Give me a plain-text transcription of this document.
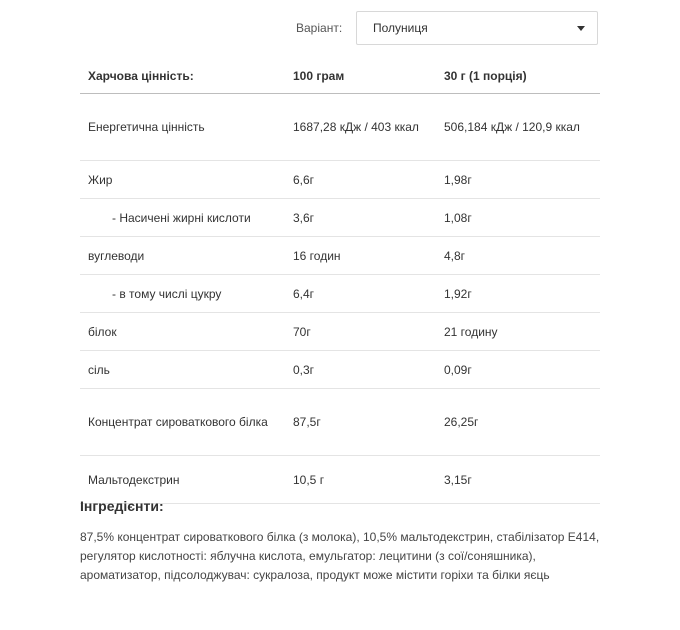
Варіант:	Полуниця
Харчова цінність:	100 грам	30 г (1 порція)
Енергетична цінність	1687,28 кДж / 403 ккал	506,184 кДж / 120,9 ккал
Жир	6,6г	1,98г
- Насичені жирні кислоти	3,6г	1,08г
вуглеводи	16 годин	4,8г
- в тому числі цукру	6,4г	1,92г
білок	70г	21 годину
сіль	0,3г	0,09г
Концентрат сироваткового білка	87,5г	26,25г
Мальтодекстрин	10,5 г	3,15г
Інгредієнти:

87,5% концентрат сироваткового білка (з молока), 10,5% мальтодекстрин, стабілізатор Е414, регулятор кислотності: яблучна кислота, емульгатор: лецитини (з сої/соняшника), ароматизатор, підсолоджувач: сукралоза, продукт може містити горіхи та білки яєць
